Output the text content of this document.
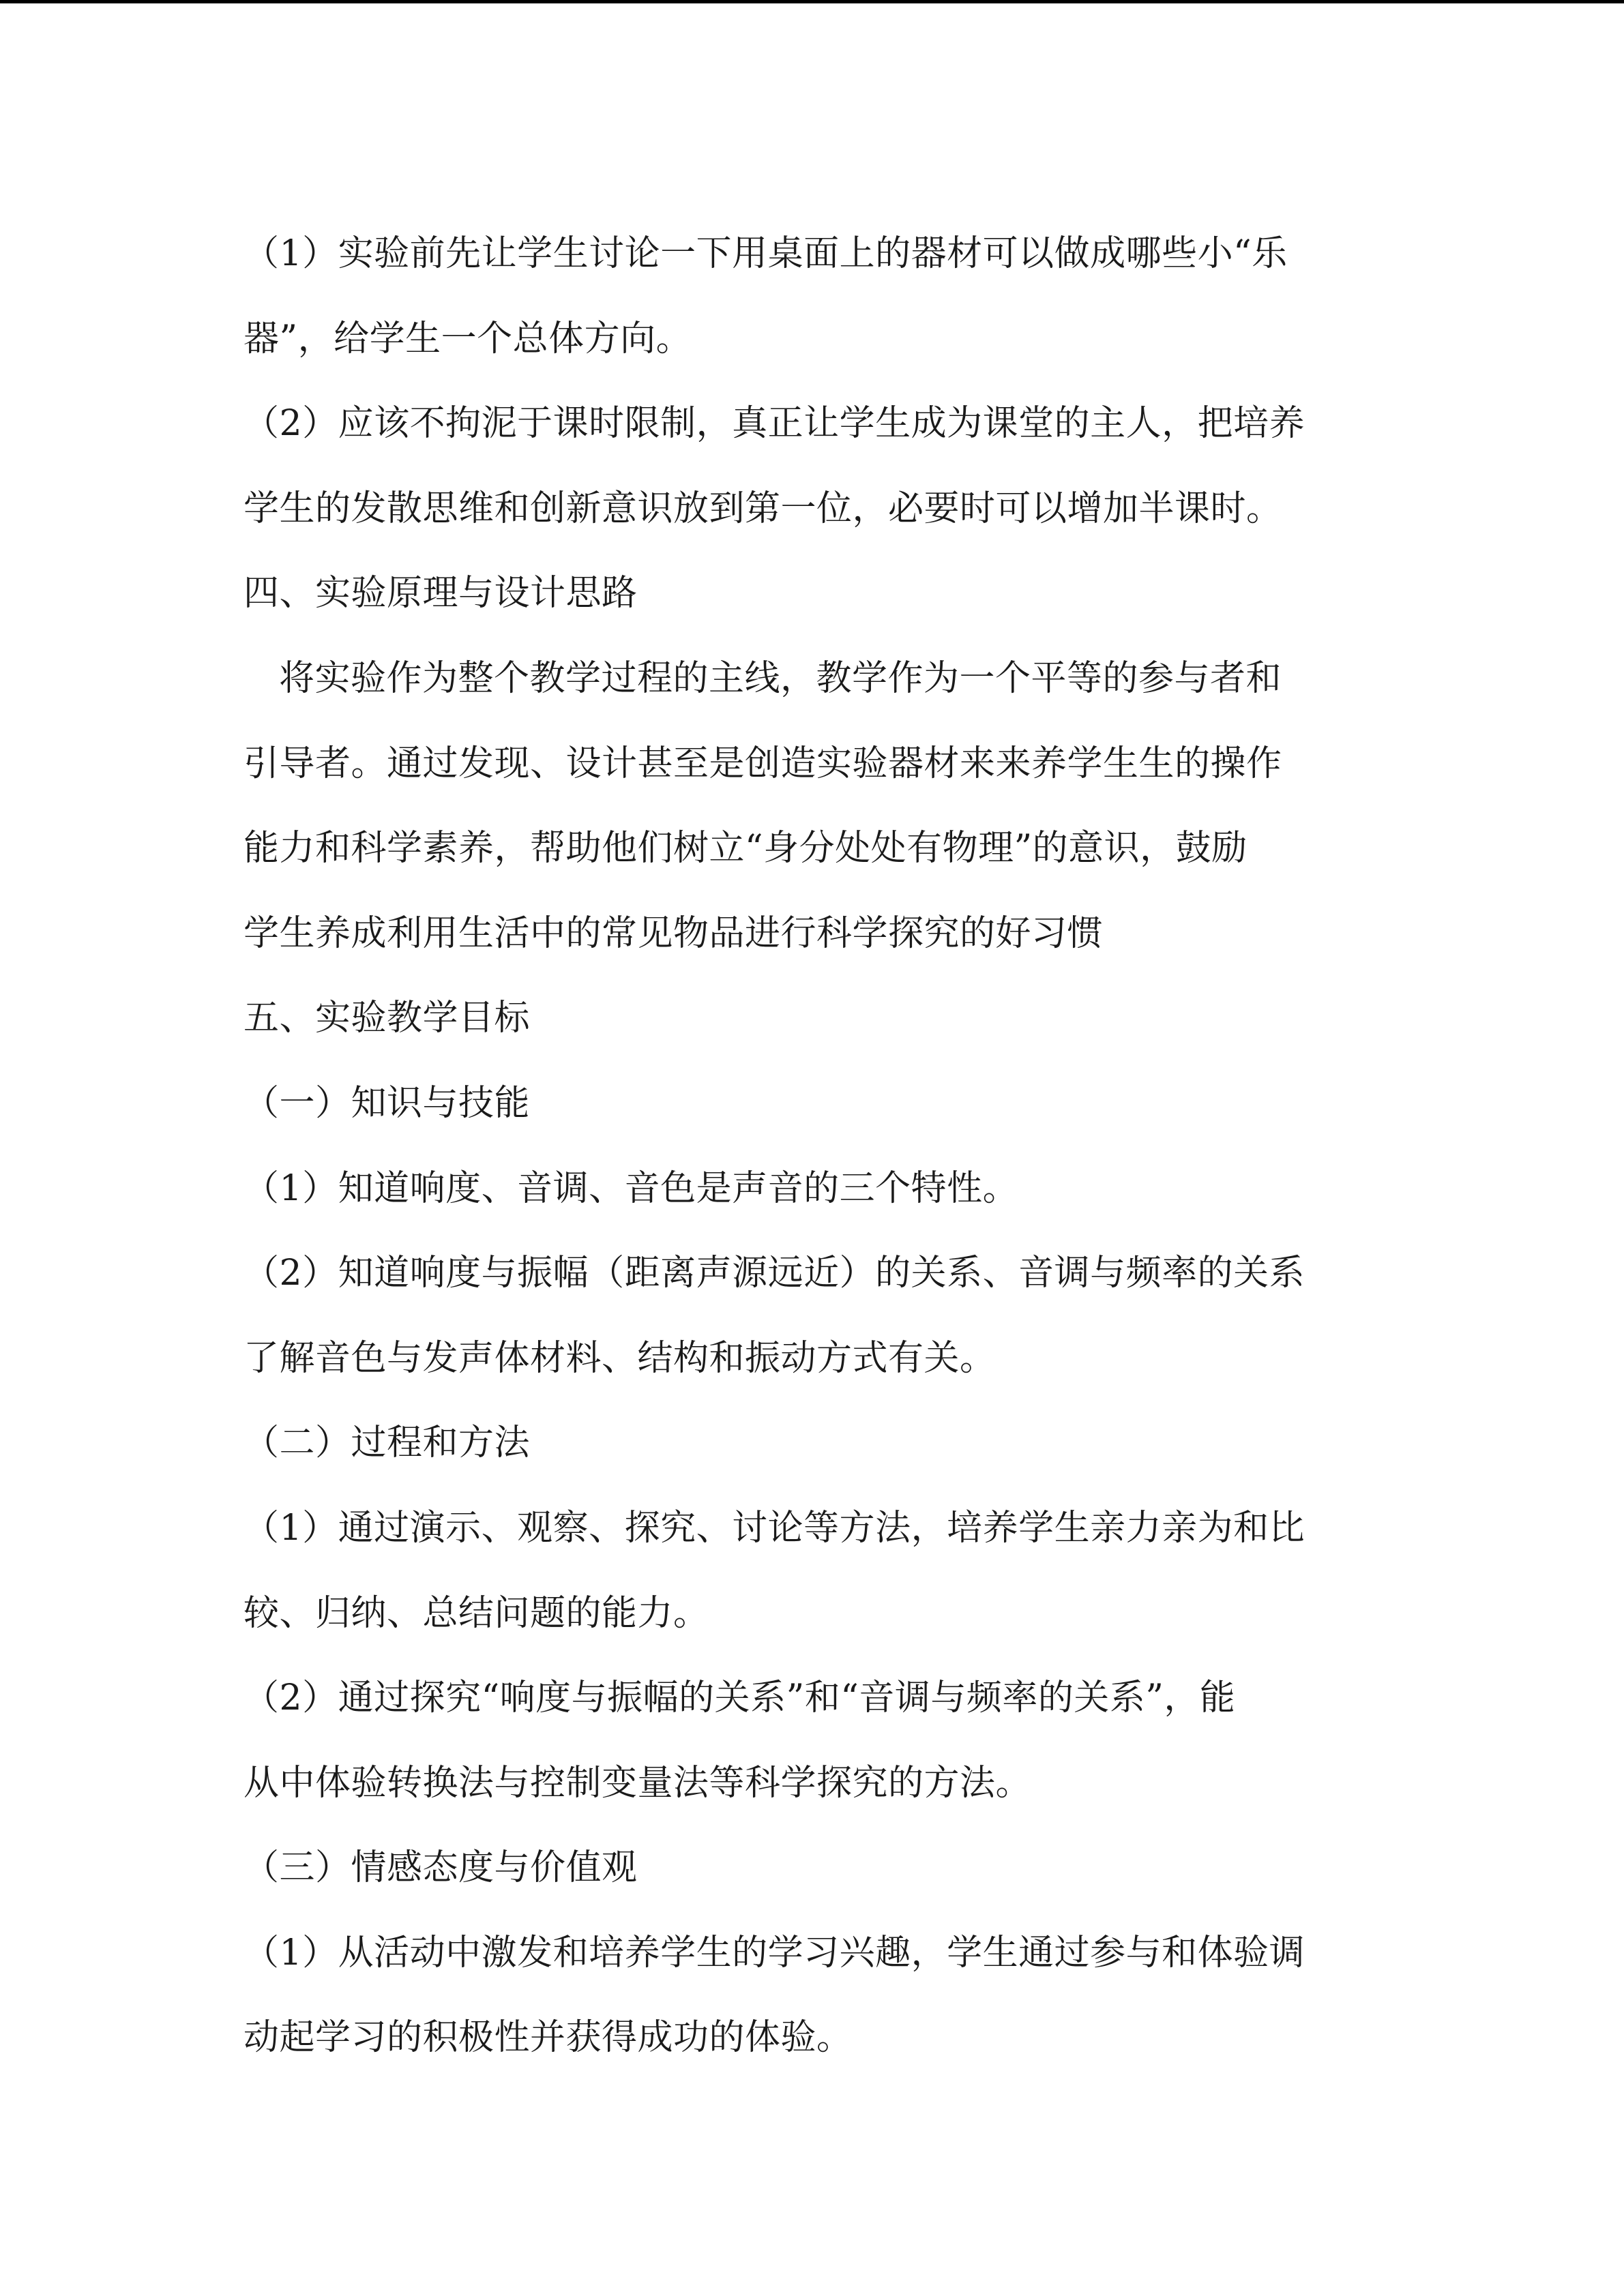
（1）实验前先让学生讨论一下用桌面上的器材可以做成哪些小“乐
器”，给学生一个总体方向。
（2）应该不拘泥于课时限制，真正让学生成为课堂的主人，把培养
学生的发散思维和创新意识放到第一位，必要时可以增加半课时。
四、实验原理与设计思路
将实验作为整个教学过程的主线，教学作为一个平等的参与者和
引导者。通过发现、设计甚至是创造实验器材来来养学生生的操作
能力和科学素养，帮助他们树立“身分处处有物理”的意识，鼓励
学生养成利用生活中的常见物品进行科学探究的好习惯
五、实验教学目标
（一）知识与技能
（1）知道响度、音调、音色是声音的三个特性。
（2）知道响度与振幅（距离声源远近）的关系、音调与频率的关系
了解音色与发声体材料、结构和振动方式有关。
（二）过程和方法
（1）通过演示、观察、探究、讨论等方法，培养学生亲力亲为和比
较、归纳、总结问题的能力。
（2）通过探究“响度与振幅的关系”和“音调与频率的关系”，能
从中体验转换法与控制变量法等科学探究的方法。
（三）情感态度与价值观
（1）从活动中激发和培养学生的学习兴趣，学生通过参与和体验调
动起学习的积极性并获得成功的体验。
